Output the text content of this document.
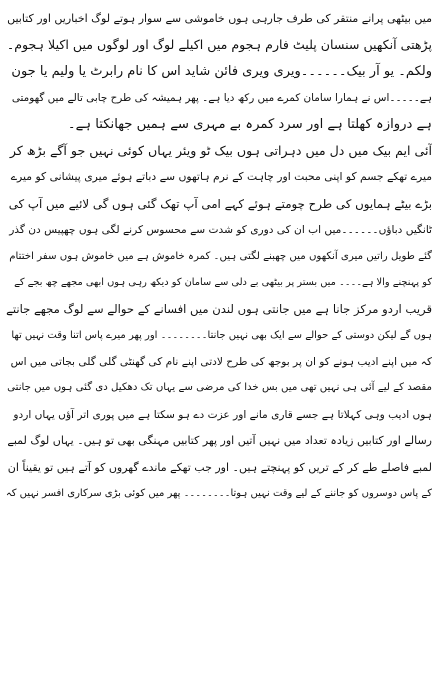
میں بیٹھی پرانے منتقر کی طرف جارہی ہوں خاموشی سے سوار ہوتے لوگ اخباریں اور کتابیں
پڑھتی آنکھیں سنسان پلیٹ فارم ہجوم میں اکیلے لوگ اور لوگوں میں اکیلا ہجوم۔
ولکم۔ یو آر بیک۔۔۔۔۔۔ویری ویری فائن شاید اس کا نام رابرٹ یا ولیم یا جون
ہے۔۔۔۔۔اس نے ہمارا سامان کمرے میں رکھ دیا ہے۔ پھر ہمیشہ کی طرح چابی تالے میں گھومتی
ہے دروازہ کھلتا ہے اور سرد کمرہ بے مہری سے ہمیں جھانکتا ہے۔
آئی ایم بیک میں دل میں دہراتی ہوں بیک ٹو ویئر یہاں کوئی نہیں جو آگے بڑھ کر
میرے تھکے جسم کو اپنی محبت اور چاہت کے نرم ہاتھوں سے دباتے ہوئے میری پیشانی کو میرے
بڑے بیٹے ہمایوں کی طرح چومتے ہوئے کہے امی آپ تھک گئی ہوں گی لائیے میں آپ کی
ٹانگیں دباؤں۔۔۔۔۔۔میں اب ان کی دوری کو شدت سے محسوس کرنے لگی ہوں چھپیس دن گذر
گئے طویل راتیں میری آنکھوں میں چھبنے لگتی ہیں۔ کمرہ خاموش ہے میں خاموش ہوں سفر اختتام
کو پہنچنے والا ہے۔۔۔۔ میں بستر پر بیٹھی بے دلی سے سامان کو دیکھ رہی ہوں ابھی مجھے چھ بجے کے
قریب اردو مرکز جانا ہے میں جانتی ہوں لندن میں افسانے کے حوالے سے لوگ مجھے جانتے
ہوں گے لیکن دوستی کے حوالے سے ایک بھی نہیں جانتا۔۔۔۔۔۔۔۔ اور پھر میرے پاس اتنا وقت نہیں تھا
کہ میں اپنے ادیب ہونے کو ان پر بوجھ کی طرح لادتی اپنے نام کی گھنٹی گلی گلی بجاتی میں اس
مقصد کے لیے آئی ہی نہیں تھی میں بس خدا کی مرضی سے یہاں تک دھکیل دی گئی ہوں میں جانتی
ہوں ادیب وہی کہلاتا ہے جسے قاری مانے اور عزت دے ہو سکتا ہے میں پوری اتر آؤں یہاں اردو
رسالے اور کتابیں زیادہ تعداد میں نہیں آتیں اور پھر کتابیں مہنگی بھی تو ہیں۔ یہاں لوگ لمبے
لمبے فاصلے طے کر کے تریں کو پہنچتے ہیں۔ اور جب تھکے ماندے گھروں کو آتے ہیں تو یقیناً ان
کے پاس دوسروں کو جاننے کے لیے وقت نہیں ہوتا۔۔۔۔۔۔۔۔ پھر میں کوئی بڑی سرکاری افسر نہیں کہ
